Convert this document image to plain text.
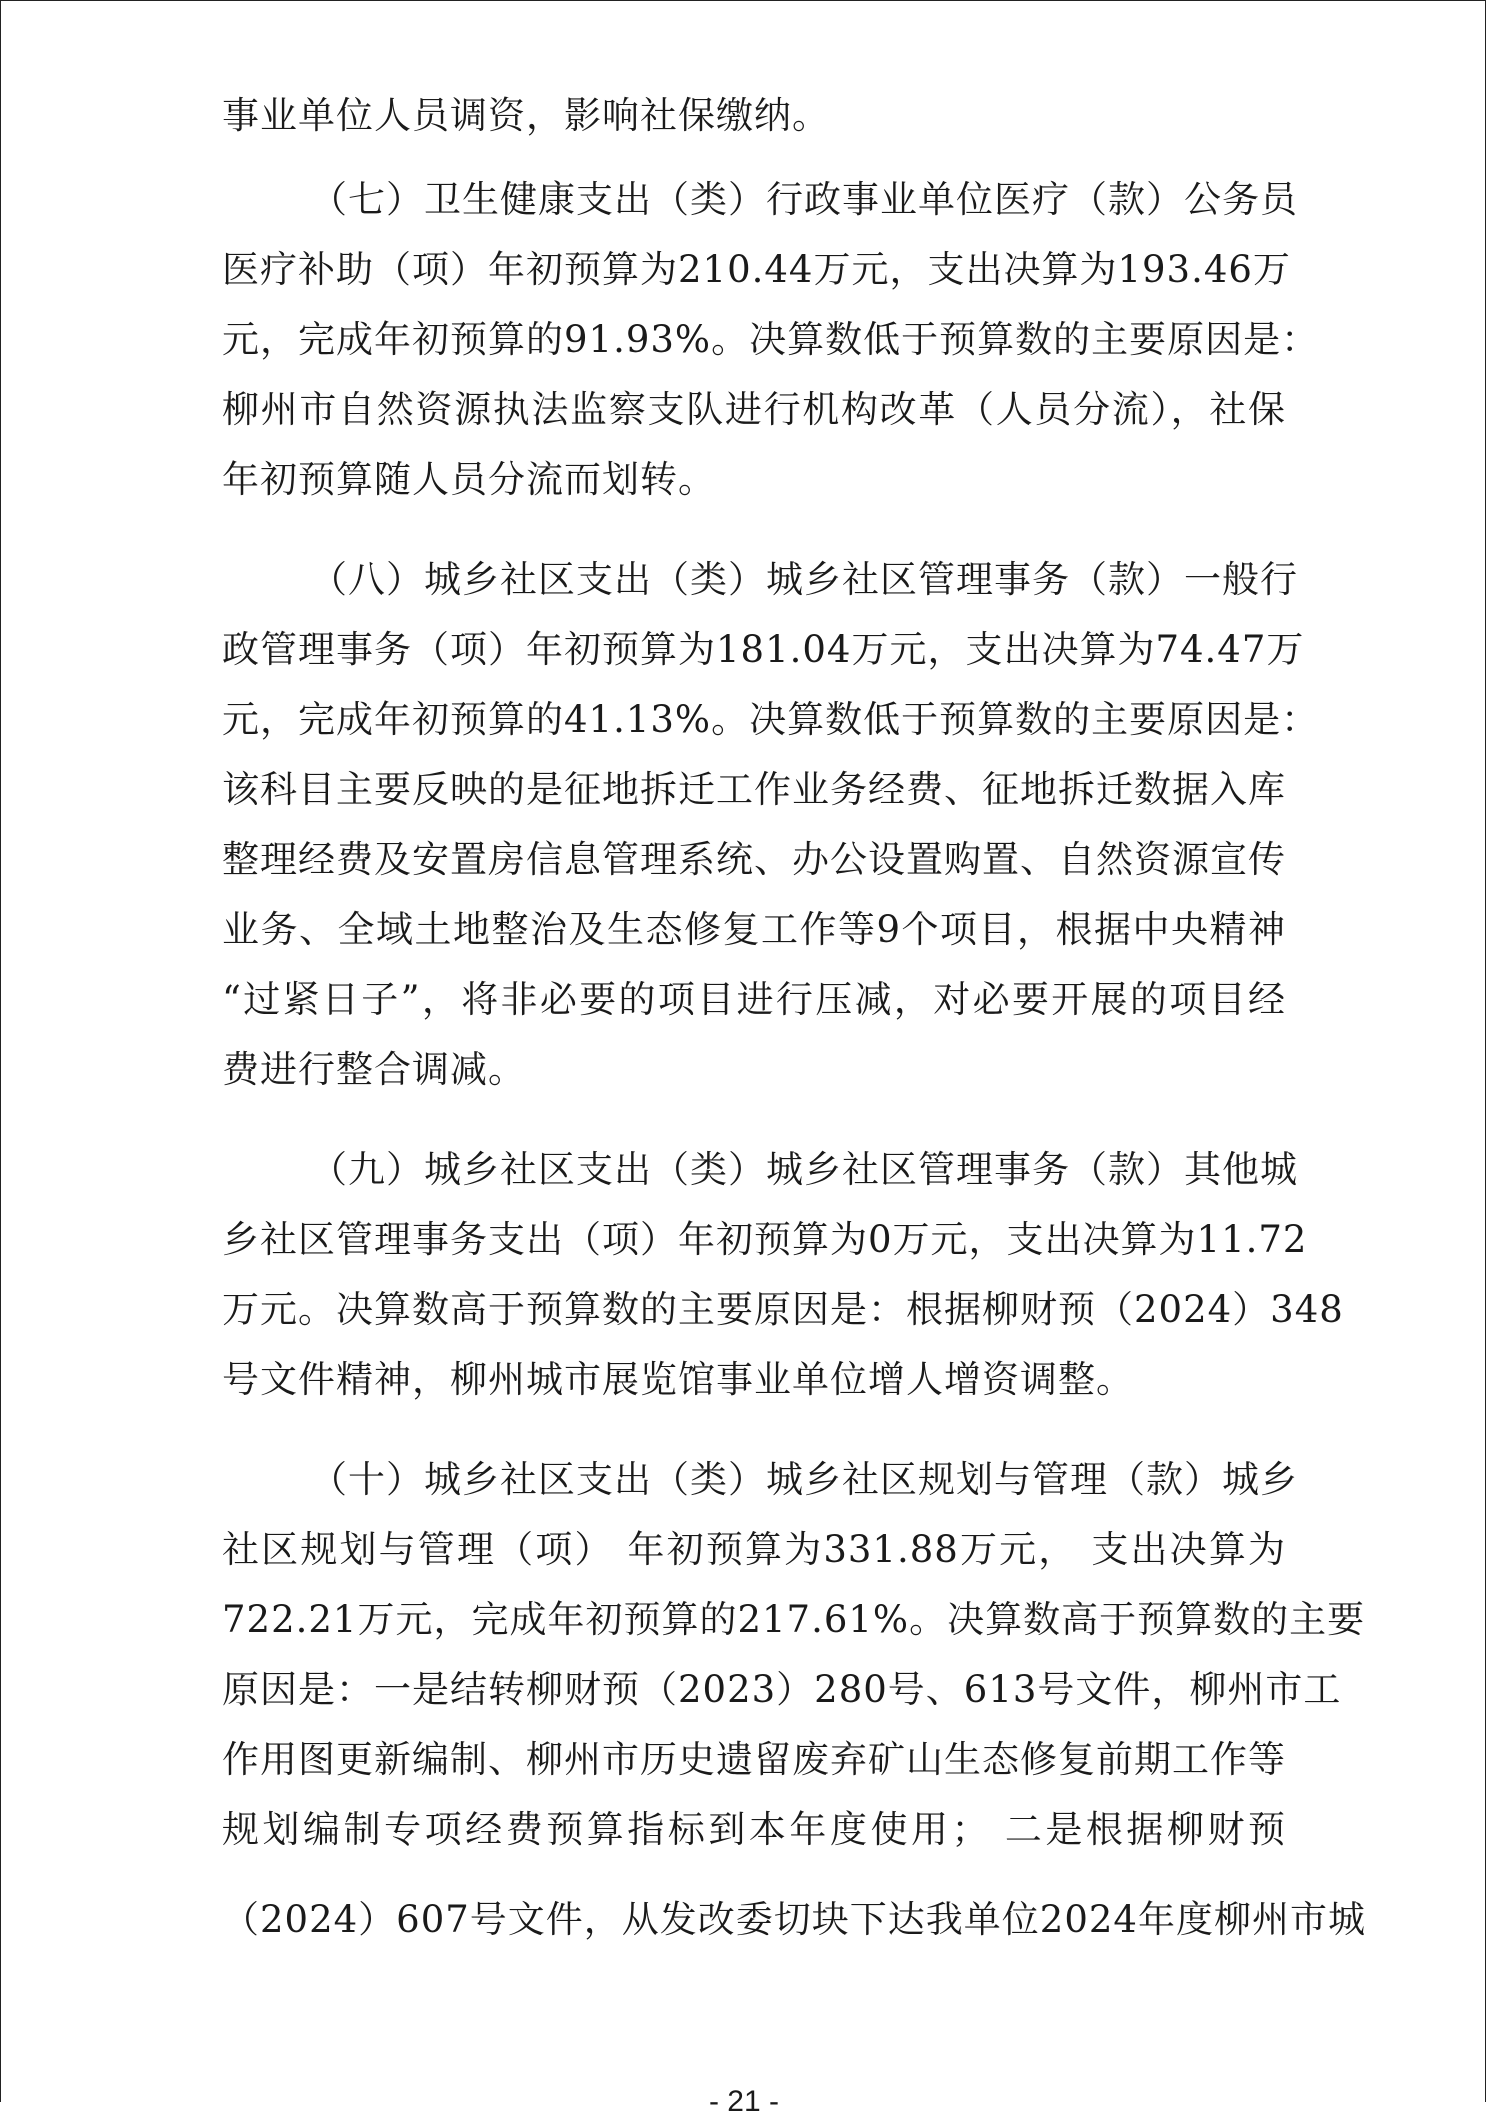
事业单位人员调资，影响社保缴纳。
（七）卫生健康支出（类）行政事业单位医疗（款）公务员
医疗补助（项）年初预算为210.44万元，支出决算为193.46万
元，完成年初预算的91.93%。决算数低于预算数的主要原因是：
柳州市自然资源执法监察支队进行机构改革（人员分流），社保
年初预算随人员分流而划转。
（八）城乡社区支出（类）城乡社区管理事务（款）一般行
政管理事务（项）年初预算为181.04万元，支出决算为74.47万
元，完成年初预算的41.13%。决算数低于预算数的主要原因是：
该科目主要反映的是征地拆迁工作业务经费、征地拆迁数据入库
整理经费及安置房信息管理系统、办公设置购置、自然资源宣传
业务、全域土地整治及生态修复工作等9个项目，根据中央精神
“过紧日子”，将非必要的项目进行压减，对必要开展的项目经
费进行整合调减。
（九）城乡社区支出（类）城乡社区管理事务（款）其他城
乡社区管理事务支出（项）年初预算为0万元，支出决算为11.72
万元。决算数高于预算数的主要原因是：根据柳财预（2024）348
号文件精神，柳州城市展览馆事业单位增人增资调整。
（十）城乡社区支出（类）城乡社区规划与管理（款）城乡
社区规划与管理（项） 年初预算为331.88万元， 支出决算为
722.21万元，完成年初预算的217.61%。决算数高于预算数的主要
原因是：一是结转柳财预（2023）280号、613号文件，柳州市工
作用图更新编制、柳州市历史遗留废弃矿山生态修复前期工作等
规划编制专项经费预算指标到本年度使用； 二是根据柳财预
（2024）607号文件，从发改委切块下达我单位2024年度柳州市城
- 21 -
